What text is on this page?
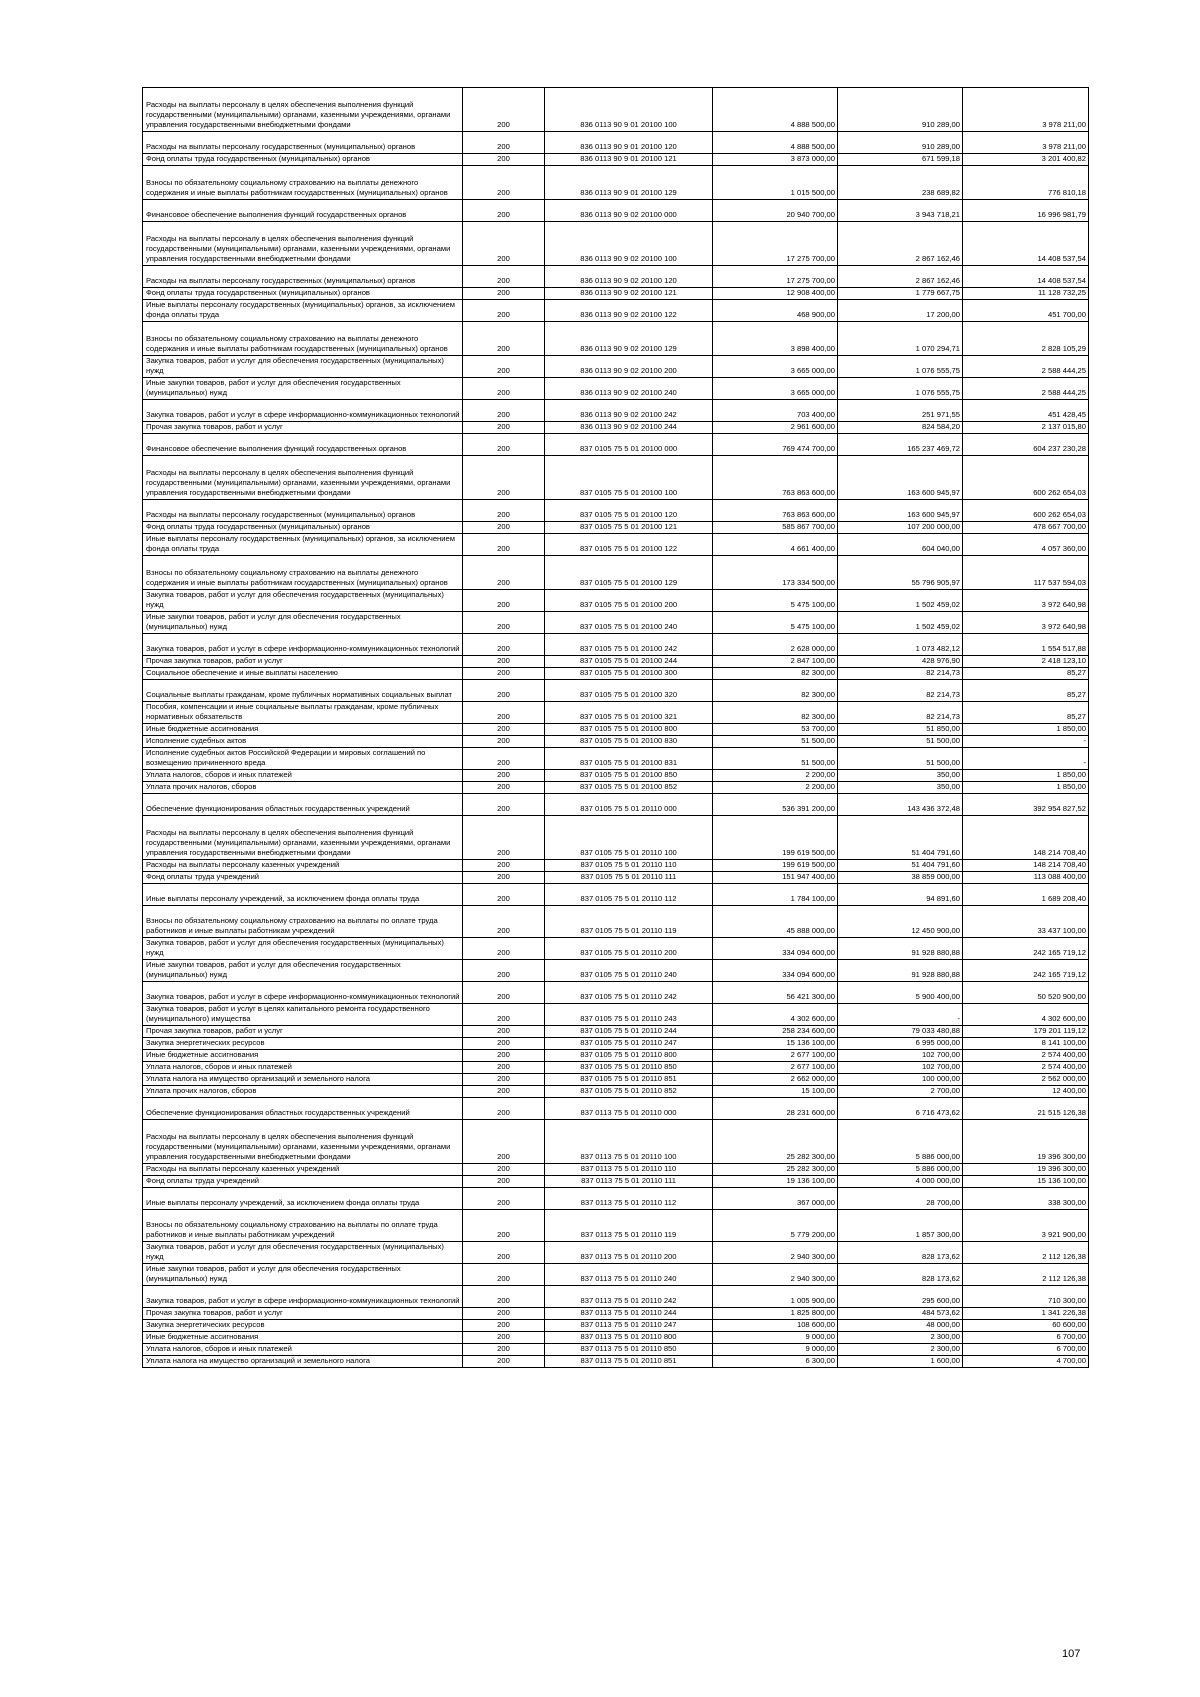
Расходы на выплаты персоналу в целях обеспечения выполнения функций государственными (муниципальными) органами, казенными учреждениями, органами управления государственными внебюджетными фондами	200	836 0113 90 9 01 20100 100	4 888 500,00	910 289,00	3 978 211,00
Расходы на выплаты персоналу государственных (муниципальных) органов	200	836 0113 90 9 01 20100 120	4 888 500,00	910 289,00	3 978 211,00
Фонд оплаты труда государственных (муниципальных) органов	200	836 0113 90 9 01 20100 121	3 873 000,00	671 599,18	3 201 400,82
Взносы по обязательному социальному страхованию на выплаты денежного содержания и иные выплаты работникам государственных (муниципальных) органов	200	836 0113 90 9 01 20100 129	1 015 500,00	238 689,82	776 810,18
Финансовое обеспечение выполнения функций государственных органов	200	836 0113 90 9 02 20100 000	20 940 700,00	3 943 718,21	16 996 981,79
Расходы на выплаты персоналу в целях обеспечения выполнения функций государственными (муниципальными) органами, казенными учреждениями, органами управления государственными внебюджетными фондами	200	836 0113 90 9 02 20100 100	17 275 700,00	2 867 162,46	14 408 537,54
Расходы на выплаты персоналу государственных (муниципальных) органов	200	836 0113 90 9 02 20100 120	17 275 700,00	2 867 162,46	14 408 537,54
Фонд оплаты труда государственных (муниципальных) органов	200	836 0113 90 9 02 20100 121	12 908 400,00	1 779 667,75	11 128 732,25
Иные выплаты персоналу государственных (муниципальных) органов, за исключением фонда оплаты труда	200	836 0113 90 9 02 20100 122	468 900,00	17 200,00	451 700,00
Взносы по обязательному социальному страхованию на выплаты денежного содержания и иные выплаты работникам государственных (муниципальных) органов	200	836 0113 90 9 02 20100 129	3 898 400,00	1 070 294,71	2 828 105,29
Закупка товаров, работ и услуг для обеспечения государственных (муниципальных) нужд	200	836 0113 90 9 02 20100 200	3 665 000,00	1 076 555,75	2 588 444,25
Иные закупки товаров, работ и услуг для обеспечения государственных (муниципальных) нужд	200	836 0113 90 9 02 20100 240	3 665 000,00	1 076 555,75	2 588 444,25
Закупка товаров, работ и услуг в сфере информационно-коммуникационных технологий	200	836 0113 90 9 02 20100 242	703 400,00	251 971,55	451 428,45
Прочая закупка товаров, работ и услуг	200	836 0113 90 9 02 20100 244	2 961 600,00	824 584,20	2 137 015,80
Финансовое обеспечение выполнения функций государственных органов	200	837 0105 75 5 01 20100 000	769 474 700,00	165 237 469,72	604 237 230,28
Расходы на выплаты персоналу в целях обеспечения выполнения функций государственными (муниципальными) органами, казенными учреждениями, органами управления государственными внебюджетными фондами	200	837 0105 75 5 01 20100 100	763 863 600,00	163 600 945,97	600 262 654,03
Расходы на выплаты персоналу государственных (муниципальных) органов	200	837 0105 75 5 01 20100 120	763 863 600,00	163 600 945,97	600 262 654,03
Фонд оплаты труда государственных (муниципальных) органов	200	837 0105 75 5 01 20100 121	585 867 700,00	107 200 000,00	478 667 700,00
Иные выплаты персоналу государственных (муниципальных) органов, за исключением фонда оплаты труда	200	837 0105 75 5 01 20100 122	4 661 400,00	604 040,00	4 057 360,00
Взносы по обязательному социальному страхованию на выплаты денежного содержания и иные выплаты работникам государственных (муниципальных) органов	200	837 0105 75 5 01 20100 129	173 334 500,00	55 796 905,97	117 537 594,03
Закупка товаров, работ и услуг для обеспечения государственных (муниципальных) нужд	200	837 0105 75 5 01 20100 200	5 475 100,00	1 502 459,02	3 972 640,98
Иные закупки товаров, работ и услуг для обеспечения государственных (муниципальных) нужд	200	837 0105 75 5 01 20100 240	5 475 100,00	1 502 459,02	3 972 640,98
Закупка товаров, работ и услуг в сфере информационно-коммуникационных технологий	200	837 0105 75 5 01 20100 242	2 628 000,00	1 073 482,12	1 554 517,88
Прочая закупка товаров, работ и услуг	200	837 0105 75 5 01 20100 244	2 847 100,00	428 976,90	2 418 123,10
Социальное обеспечение и иные выплаты населению	200	837 0105 75 5 01 20100 300	82 300,00	82 214,73	85,27
Социальные выплаты гражданам, кроме публичных нормативных социальных выплат	200	837 0105 75 5 01 20100 320	82 300,00	82 214,73	85,27
Пособия, компенсации и иные социальные выплаты гражданам, кроме публичных нормативных обязательств	200	837 0105 75 5 01 20100 321	82 300,00	82 214,73	85,27
Иные бюджетные ассигнования	200	837 0105 75 5 01 20100 800	53 700,00	51 850,00	1 850,00
Исполнение судебных актов	200	837 0105 75 5 01 20100 830	51 500,00	51 500,00	-
Исполнение судебных актов Российской Федерации и мировых соглашений по возмещению причиненного вреда	200	837 0105 75 5 01 20100 831	51 500,00	51 500,00	-
Уплата налогов, сборов и иных платежей	200	837 0105 75 5 01 20100 850	2 200,00	350,00	1 850,00
Уплата прочих налогов, сборов	200	837 0105 75 5 01 20100 852	2 200,00	350,00	1 850,00
Обеспечение функционирования областных государственных учреждений	200	837 0105 75 5 01 20110 000	536 391 200,00	143 436 372,48	392 954 827,52
Расходы на выплаты персоналу в целях обеспечения выполнения функций государственными (муниципальными) органами, казенными учреждениями, органами управления государственными внебюджетными фондами	200	837 0105 75 5 01 20110 100	199 619 500,00	51 404 791,60	148 214 708,40
Расходы на выплаты персоналу казенных учреждений	200	837 0105 75 5 01 20110 110	199 619 500,00	51 404 791,60	148 214 708,40
Фонд оплаты труда учреждений	200	837 0105 75 5 01 20110 111	151 947 400,00	38 859 000,00	113 088 400,00
Иные выплаты персоналу учреждений, за исключением фонда оплаты труда	200	837 0105 75 5 01 20110 112	1 784 100,00	94 891,60	1 689 208,40
Взносы по обязательному социальному страхованию на выплаты по оплате труда работников и иные выплаты работникам учреждений	200	837 0105 75 5 01 20110 119	45 888 000,00	12 450 900,00	33 437 100,00
Закупка товаров, работ и услуг для обеспечения государственных (муниципальных) нужд	200	837 0105 75 5 01 20110 200	334 094 600,00	91 928 880,88	242 165 719,12
Иные закупки товаров, работ и услуг для обеспечения государственных (муниципальных) нужд	200	837 0105 75 5 01 20110 240	334 094 600,00	91 928 880,88	242 165 719,12
Закупка товаров, работ и услуг в сфере информационно-коммуникационных технологий	200	837 0105 75 5 01 20110 242	56 421 300,00	5 900 400,00	50 520 900,00
Закупка товаров, работ и услуг в целях капитального ремонта государственного (муниципального) имущества	200	837 0105 75 5 01 20110 243	4 302 600,00	-	4 302 600,00
Прочая закупка товаров, работ и услуг	200	837 0105 75 5 01 20110 244	258 234 600,00	79 033 480,88	179 201 119,12
Закупка энергетических ресурсов	200	837 0105 75 5 01 20110 247	15 136 100,00	6 995 000,00	8 141 100,00
Иные бюджетные ассигнования	200	837 0105 75 5 01 20110 800	2 677 100,00	102 700,00	2 574 400,00
Уплата налогов, сборов и иных платежей	200	837 0105 75 5 01 20110 850	2 677 100,00	102 700,00	2 574 400,00
Уплата налога на имущество организаций и земельного налога	200	837 0105 75 5 01 20110 851	2 662 000,00	100 000,00	2 562 000,00
Уплата прочих налогов, сборов	200	837 0105 75 5 01 20110 852	15 100,00	2 700,00	12 400,00
Обеспечение функционирования областных государственных учреждений	200	837 0113 75 5 01 20110 000	28 231 600,00	6 716 473,62	21 515 126,38
Расходы на выплаты персоналу в целях обеспечения выполнения функций государственными (муниципальными) органами, казенными учреждениями, органами управления государственными внебюджетными фондами	200	837 0113 75 5 01 20110 100	25 282 300,00	5 886 000,00	19 396 300,00
Расходы на выплаты персоналу казенных учреждений	200	837 0113 75 5 01 20110 110	25 282 300,00	5 886 000,00	19 396 300,00
Фонд оплаты труда учреждений	200	837 0113 75 5 01 20110 111	19 136 100,00	4 000 000,00	15 136 100,00
Иные выплаты персоналу учреждений, за исключением фонда оплаты труда	200	837 0113 75 5 01 20110 112	367 000,00	28 700,00	338 300,00
Взносы по обязательному социальному страхованию на выплаты по оплате труда работников и иные выплаты работникам учреждений	200	837 0113 75 5 01 20110 119	5 779 200,00	1 857 300,00	3 921 900,00
Закупка товаров, работ и услуг для обеспечения государственных (муниципальных) нужд	200	837 0113 75 5 01 20110 200	2 940 300,00	828 173,62	2 112 126,38
Иные закупки товаров, работ и услуг для обеспечения государственных (муниципальных) нужд	200	837 0113 75 5 01 20110 240	2 940 300,00	828 173,62	2 112 126,38
Закупка товаров, работ и услуг в сфере информационно-коммуникационных технологий	200	837 0113 75 5 01 20110 242	1 005 900,00	295 600,00	710 300,00
Прочая закупка товаров, работ и услуг	200	837 0113 75 5 01 20110 244	1 825 800,00	484 573,62	1 341 226,38
Закупка энергетических ресурсов	200	837 0113 75 5 01 20110 247	108 600,00	48 000,00	60 600,00
Иные бюджетные ассигнования	200	837 0113 75 5 01 20110 800	9 000,00	2 300,00	6 700,00
Уплата налогов, сборов и иных платежей	200	837 0113 75 5 01 20110 850	9 000,00	2 300,00	6 700,00
Уплата налога на имущество организаций и земельного налога	200	837 0113 75 5 01 20110 851	6 300,00	1 600,00	4 700,00
107
